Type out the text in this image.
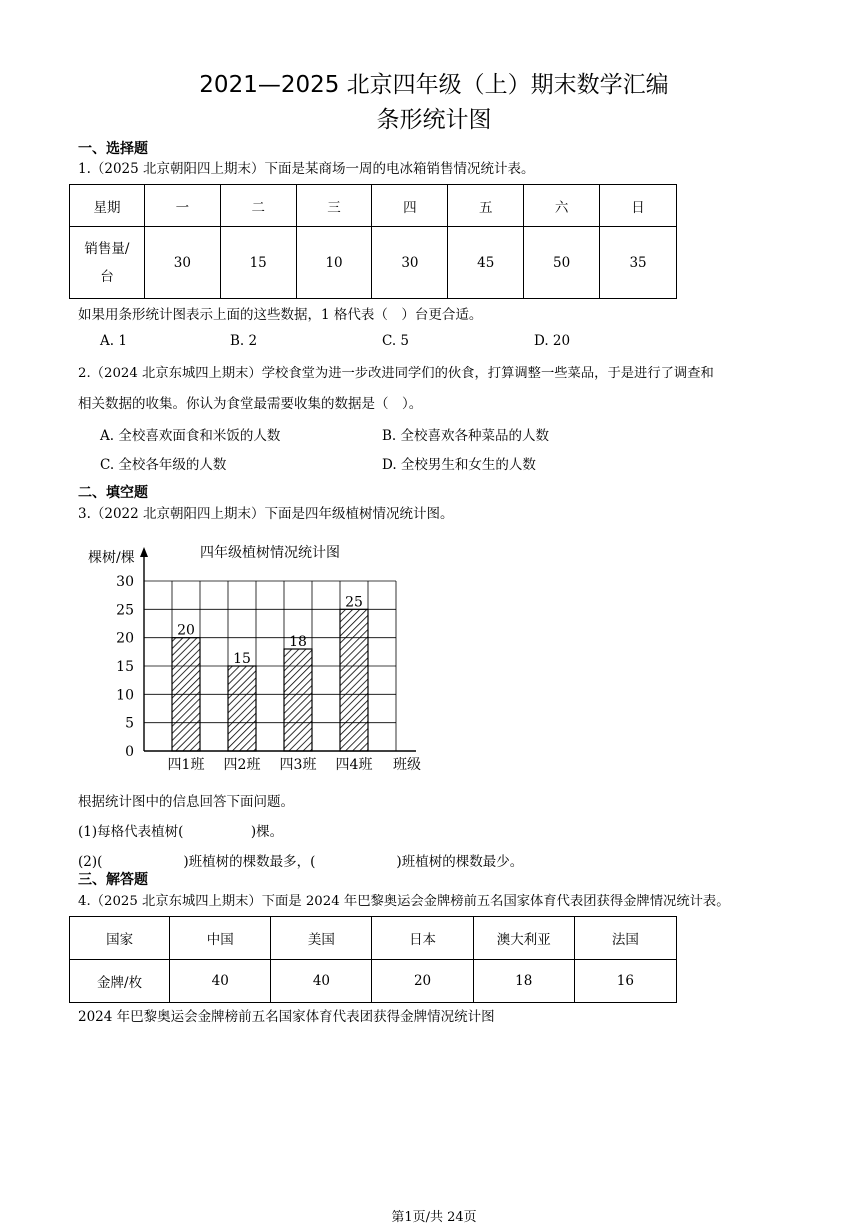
2021—2025 北京四年级（上）期末数学汇编
条形统计图
一、选择题
1.（2025 北京朝阳四上期末）下面是某商场一周的电冰箱销售情况统计表。
星期	一	二	三	四	五	六	日

销售量/
台	30	15	10	30	45	50	35
如果用条形统计图表示上面的这些数据，1 格代表（　）台更合适。
A. 1	B. 2	C. 5	D. 20
2.（2024 北京东城四上期末）学校食堂为进一步改进同学们的伙食，打算调整一些菜品，于是进行了调查和
相关数据的收集。你认为食堂最需要收集的数据是（　）。
A. 全校喜欢面食和米饭的人数	B. 全校喜欢各种菜品的人数
C. 全校各年级的人数	D. 全校男生和女生的人数
二、填空题
3.（2022 北京朝阳四上期末）下面是四年级植树情况统计图。
四年级植树情况统计图
棵树/棵
班级
0
5
10
15
20
25
30
20
四1班
15
四2班
18
四3班
25
四4班
根据统计图中的信息回答下面问题。
(1)每格代表植树(　　　　　)棵。
(2)(　　　　　　)班植树的棵数最多，(　　　　　　)班植树的棵数最少。
三、解答题
4.（2025 北京东城四上期末）下面是 2024 年巴黎奥运会金牌榜前五名国家体育代表团获得金牌情况统计表。
国家	中国	美国	日本	澳大利亚	法国
金牌/枚	40	40	20	18	16
2024 年巴黎奥运会金牌榜前五名国家体育代表团获得金牌情况统计图
第1页/共 24页
